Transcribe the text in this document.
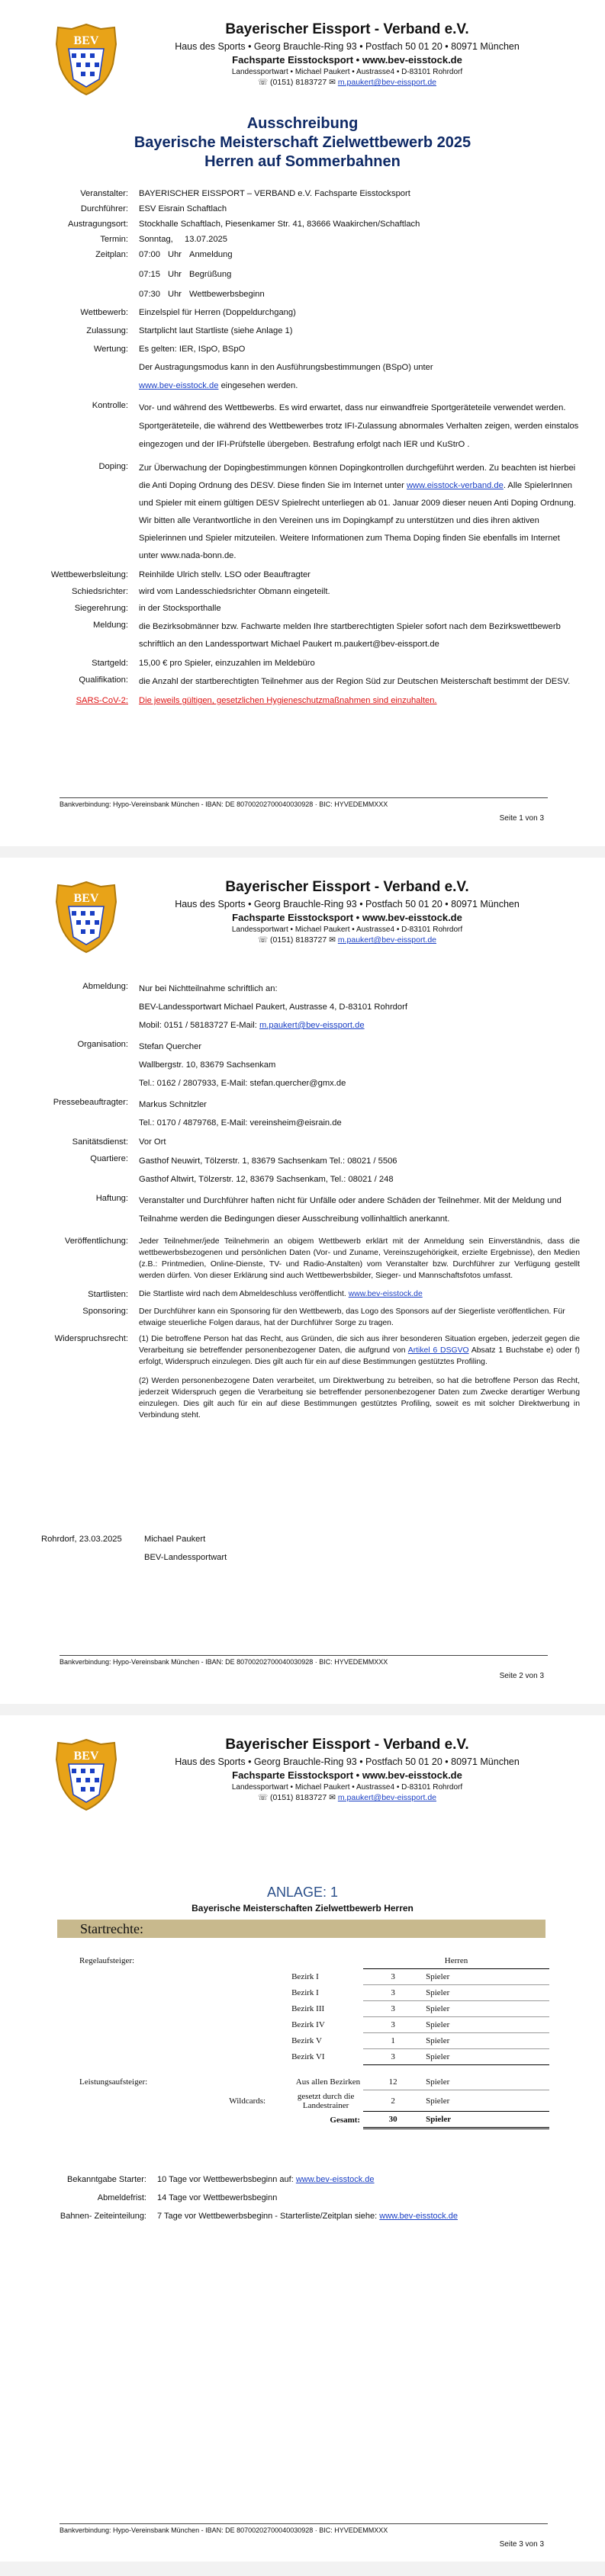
BEV
Bayerischer Eissport - Verband e.V.
Haus des Sports • Georg Brauchle-Ring 93 • Postfach 50 01 20 • 80971 München
Fachsparte Eisstocksport • www.bev-eisstock.de
Landessportwart • Michael Paukert • Austrasse4 • D-83101 Rohrdorf
☏ (0151) 8183727 ✉ m.paukert@bev-eissport.de
Ausschreibung
Bayerische Meisterschaft Zielwettbewerb 2025
Herren auf Sommerbahnen
Veranstalter:	BAYERISCHER EISSPORT – VERBAND e.V. Fachsparte Eisstocksport
Durchführer:	ESV Eisrain Schaftlach
Austragungsort:	Stockhalle Schaftlach, Piesenkamer Str. 41, 83666 Waakirchen/Schaftlach
Termin:	Sonntag, 13.07.2025
Zeitplan:	07:00 Uhr Anmeldung
07:15 Uhr Begrüßung
07:30 Uhr Wettbewerbsbeginn
Wettbewerb:	Einzelspiel für Herren (Doppeldurchgang)
Zulassung:	Startplicht laut Startliste (siehe Anlage 1)
Wertung:	Es gelten: IER, ISpO, BSpO
Der Austragungsmodus kann in den Ausführungsbestimmungen (BSpO) unter
www.bev-eisstock.de eingesehen werden.
Kontrolle:	Vor- und während des Wettbewerbs. Es wird erwartet, dass nur einwandfreie Sportgeräteteile verwendet werden. Sportgeräteteile, die während des Wettbewerbes trotz IFI-Zulassung abnormales Verhalten zeigen, werden einstalos eingezogen und der IFI-Prüfstelle übergeben. Bestrafung erfolgt nach IER und KuStrO .
Doping:	Zur Überwachung der Dopingbestimmungen können Dopingkontrollen durchgeführt werden. Zu beachten ist hierbei die Anti Doping Ordnung des DESV. Diese finden Sie im Internet unter www.eisstock-verband.de. Alle SpielerInnen und Spieler mit einem gültigen DESV Spielrecht unterliegen ab 01. Januar 2009 dieser neuen Anti Doping Ordnung. Wir bitten alle Verantwortliche in den Vereinen uns im Dopingkampf zu unterstützen und dies ihren aktiven Spielerinnen und Spieler mitzuteilen. Weitere Informationen zum Thema Doping finden Sie ebenfalls im Internet unter www.nada-bonn.de.
Wettbewerbsleitung:	Reinhilde Ulrich stellv. LSO oder Beauftragter
Schiedsrichter:	wird vom Landesschiedsrichter Obmann eingeteilt.
Siegerehrung:	in der Stocksporthalle
Meldung:	die Bezirksobmänner bzw. Fachwarte melden Ihre startberechtigten Spieler sofort nach dem Bezirkswettbewerb schriftlich an den Landessportwart Michael Paukert m.paukert@bev-eissport.de
Startgeld:	15,00 € pro Spieler, einzuzahlen im Meldebüro
Qualifikation:	die Anzahl der startberechtigten Teilnehmer aus der Region Süd zur Deutschen Meisterschaft bestimmt der DESV.
SARS-CoV-2:	Die jeweils gültigen, gesetzlichen Hygieneschutzmaßnahmen sind einzuhalten.
Bankverbindung: Hypo-Vereinsbank München - IBAN: DE 80700202700040030928 · BIC: HYVEDEMMXXX
Seite 1 von 3
BEV
Bayerischer Eissport - Verband e.V.
Haus des Sports • Georg Brauchle-Ring 93 • Postfach 50 01 20 • 80971 München
Fachsparte Eisstocksport • www.bev-eisstock.de
Landessportwart • Michael Paukert • Austrasse4 • D-83101 Rohrdorf
☏ (0151) 8183727 ✉ m.paukert@bev-eissport.de
Abmeldung:	Nur bei Nichtteilnahme schriftlich an:
BEV-Landessportwart Michael Paukert, Austrasse 4, D-83101 Rohrdorf
Mobil: 0151 / 58183727 E-Mail: m.paukert@bev-eissport.de
Organisation:	Stefan Quercher
Wallbergstr. 10, 83679 Sachsenkam
Tel.: 0162 / 2807933, E-Mail: stefan.quercher@gmx.de
Pressebeauftragter:	Markus Schnitzler
Tel.: 0170 / 4879768, E-Mail: vereinsheim@eisrain.de
Sanitätsdienst:	Vor Ort
Quartiere:	Gasthof Neuwirt, Tölzerstr. 1, 83679 Sachsenkam Tel.: 08021 / 5506
Gasthof Altwirt, Tölzerstr. 12, 83679 Sachsenkam, Tel.: 08021 / 248
Haftung:	Veranstalter und Durchführer haften nicht für Unfälle oder andere Schäden der Teilnehmer. Mit der Meldung und Teilnahme werden die Bedingungen dieser Ausschreibung vollinhaltlich anerkannt.
Veröffentlichung:	Jeder Teilnehmer/jede Teilnehmerin an obigem Wettbewerb erklärt mit der Anmeldung sein Einverständnis, dass die wettbewerbsbezogenen und persönlichen Daten (Vor- und Zuname, Vereinszugehörigkeit, erzielte Ergebnisse), den Medien (z.B.: Printmedien, Online-Dienste, TV- und Radio-Anstalten) vom Veranstalter bzw. Durchführer zur Verfügung gestellt werden dürfen. Von dieser Erklärung sind auch Wettbewerbsbilder, Sieger- und Mannschaftsfotos umfasst.
Startlisten:	Die Startliste wird nach dem Abmeldeschluss veröffentlicht. www.bev-eisstock.de
Sponsoring:	Der Durchführer kann ein Sponsoring für den Wettbewerb, das Logo des Sponsors auf der Siegerliste veröffentlichen. Für etwaige steuerliche Folgen daraus, hat der Durchführer Sorge zu tragen.
Widerspruchsrecht:	(1) Die betroffene Person hat das Recht, aus Gründen, die sich aus ihrer besonderen Situation ergeben, jederzeit gegen die Verarbeitung sie betreffender personenbezogener Daten, die aufgrund von Artikel 6 DSGVO Absatz 1 Buchstabe e) oder f) erfolgt, Widerspruch einzulegen. Dies gilt auch für ein auf diese Bestimmungen gestütztes Profiling.
(2) Werden personenbezogene Daten verarbeitet, um Direktwerbung zu betreiben, so hat die betroffene Person das Recht, jederzeit Widerspruch gegen die Verarbeitung sie betreffender personenbezogener Daten zum Zwecke derartiger Werbung einzulegen. Dies gilt auch für ein auf diese Bestimmungen gestütztes Profiling, soweit es mit solcher Direktwerbung in Verbindung steht.
Rohrdorf, 23.03.2025	Michael Paukert
BEV-Landessportwart
Bankverbindung: Hypo-Vereinsbank München - IBAN: DE 80700202700040030928 · BIC: HYVEDEMMXXX
Seite 2 von 3
BEV
Bayerischer Eissport - Verband e.V.
Haus des Sports • Georg Brauchle-Ring 93 • Postfach 50 01 20 • 80971 München
Fachsparte Eisstocksport • www.bev-eisstock.de
Landessportwart • Michael Paukert • Austrasse4 • D-83101 Rohrdorf
☏ (0151) 8183727 ✉ m.paukert@bev-eissport.de
ANLAGE: 1
Bayerische Meisterschaften Zielwettbewerb Herren
Startrechte:
Regelaufsteiger:			Herren	
		Bezirk I	3	Spieler
		Bezirk I	3	Spieler
		Bezirk III	3	Spieler
		Bezirk IV	3	Spieler
		Bezirk V	1	Spieler
		Bezirk VI	3	Spieler

Leistungsaufsteiger:		Aus allen Bezirken	12	Spieler
Wildcards:		gesetzt durch die
Landestrainer	2	Spieler
		Gesamt:	30	Spieler
Bekanntgabe Starter:	10 Tage vor Wettbewerbsbeginn auf: www.bev-eisstock.de
Abmeldefrist:	14 Tage vor Wettbewerbsbeginn
Bahnen- Zeiteinteilung:	7 Tage vor Wettbewerbsbeginn - Starterliste/Zeitplan siehe: www.bev-eisstock.de
Bankverbindung: Hypo-Vereinsbank München - IBAN: DE 80700202700040030928 · BIC: HYVEDEMMXXX
Seite 3 von 3
